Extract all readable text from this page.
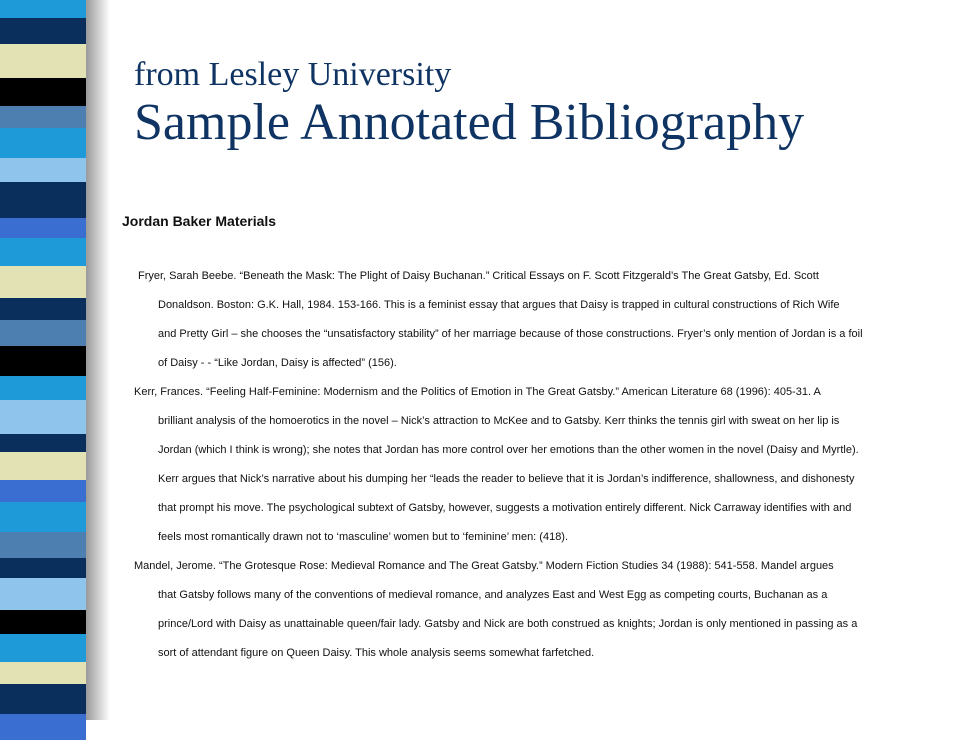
from Lesley University
Sample Annotated Bibliography
Jordan Baker Materials
Fryer, Sarah Beebe. “Beneath the Mask: The Plight of Daisy Buchanan.” Critical Essays on F. Scott Fitzgerald’s The Great Gatsby, Ed. Scott
Donaldson. Boston: G.K. Hall, 1984. 153-166. This is a feminist essay that argues that Daisy is trapped in cultural constructions of Rich Wife
and Pretty Girl – she chooses the “unsatisfactory stability” of her marriage because of those constructions. Fryer’s only mention of Jordan is a foil
of Daisy - - “Like Jordan, Daisy is affected” (156).
Kerr, Frances. “Feeling Half-Feminine: Modernism and the Politics of Emotion in The Great Gatsby.” American Literature 68 (1996): 405-31. A
brilliant analysis of the homoerotics in the novel – Nick’s attraction to McKee and to Gatsby. Kerr thinks the tennis girl with sweat on her lip is
Jordan (which I think is wrong); she notes that Jordan has more control over her emotions than the other women in the novel (Daisy and Myrtle).
Kerr argues that Nick’s narrative about his dumping her “leads the reader to believe that it is Jordan’s indifference, shallowness, and dishonesty
that prompt his move. The psychological subtext of Gatsby, however, suggests a motivation entirely different. Nick Carraway identifies with and
feels most romantically drawn not to ‘masculine’ women but to ‘feminine’ men: (418).
Mandel, Jerome. “The Grotesque Rose: Medieval Romance and The Great Gatsby.” Modern Fiction Studies 34 (1988): 541-558. Mandel argues
that Gatsby follows many of the conventions of medieval romance, and analyzes East and West Egg as competing courts, Buchanan as a
prince/Lord with Daisy as unattainable queen/fair lady. Gatsby and Nick are both construed as knights; Jordan is only mentioned in passing as a
sort of attendant figure on Queen Daisy. This whole analysis seems somewhat farfetched.
